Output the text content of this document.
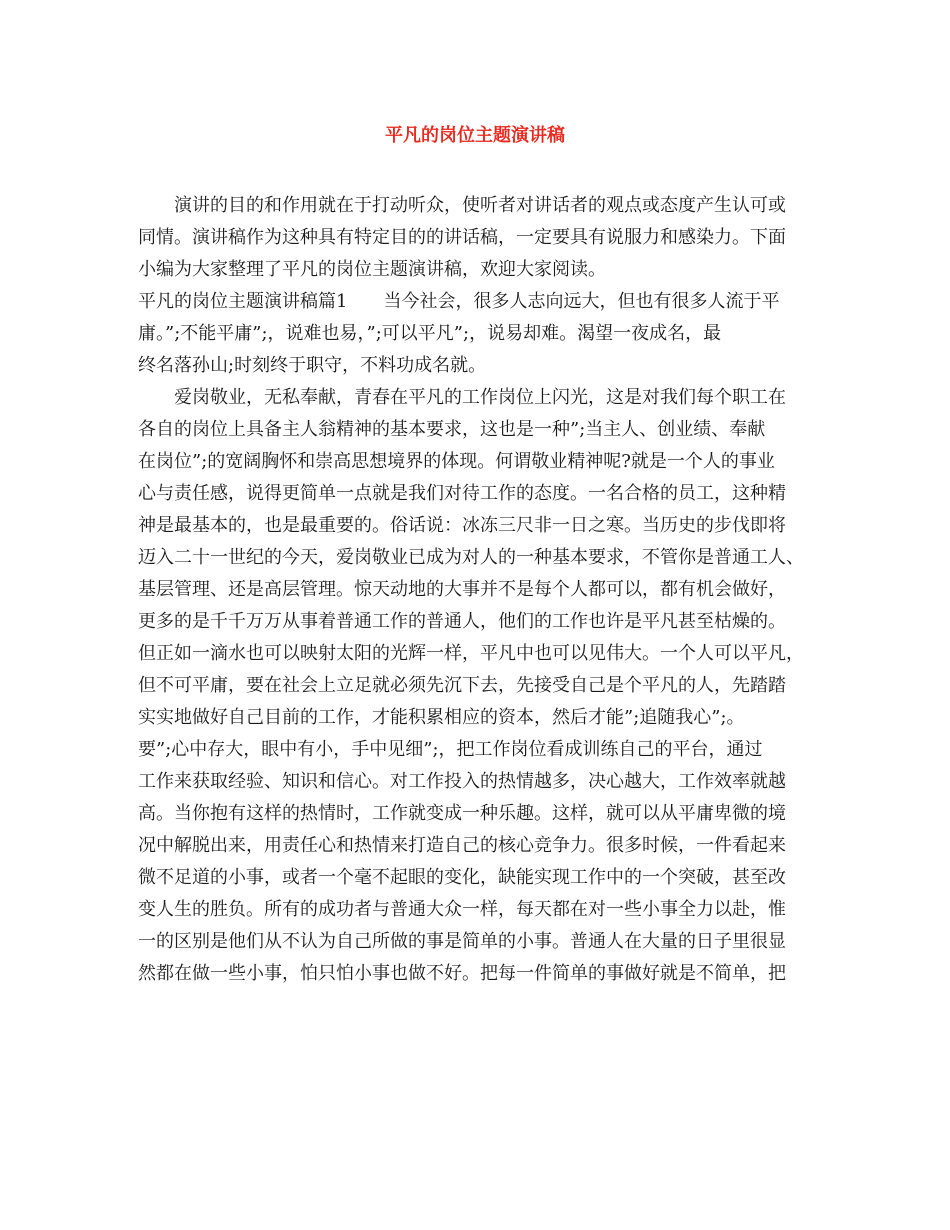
平凡的岗位主题演讲稿
演讲的目的和作用就在于打动听众，使听者对讲话者的观点或态度产生认可或
同情。演讲稿作为这种具有特定目的的讲话稿，一定要具有说服力和感染力。下面
小编为大家整理了平凡的岗位主题演讲稿，欢迎大家阅读。
平凡的岗位主题演讲稿篇1　　当今社会，很多人志向远大，但也有很多人流于平
庸。”;不能平庸”;，说难也易，”;可以平凡”;，说易却难。渴望一夜成名，最
终名落孙山;时刻终于职守，不料功成名就。
爱岗敬业，无私奉献，青春在平凡的工作岗位上闪光，这是对我们每个职工在
各自的岗位上具备主人翁精神的基本要求，这也是一种”;当主人、创业绩、奉献
在岗位”;的宽阔胸怀和崇高思想境界的体现。何谓敬业精神呢?就是一个人的事业
心与责任感，说得更简单一点就是我们对待工作的态度。一名合格的员工，这种精
神是最基本的，也是最重要的。俗话说：冰冻三尺非一日之寒。当历史的步伐即将
迈入二十一世纪的今天，爱岗敬业已成为对人的一种基本要求，不管你是普通工人、
基层管理、还是高层管理。惊天动地的大事并不是每个人都可以，都有机会做好，
更多的是千千万万从事着普通工作的普通人，他们的工作也许是平凡甚至枯燥的。
但正如一滴水也可以映射太阳的光辉一样，平凡中也可以见伟大。一个人可以平凡，
但不可平庸，要在社会上立足就必须先沉下去，先接受自己是个平凡的人，先踏踏
实实地做好自己目前的工作，才能积累相应的资本，然后才能”;追随我心”;。
要”;心中存大，眼中有小，手中见细”;，把工作岗位看成训练自己的平台，通过
工作来获取经验、知识和信心。对工作投入的热情越多，决心越大，工作效率就越
高。当你抱有这样的热情时，工作就变成一种乐趣。这样，就可以从平庸卑微的境
况中解脱出来，用责任心和热情来打造自己的核心竞争力。很多时候，一件看起来
微不足道的小事，或者一个毫不起眼的变化，缺能实现工作中的一个突破，甚至改
变人生的胜负。所有的成功者与普通大众一样，每天都在对一些小事全力以赴，惟
一的区别是他们从不认为自己所做的事是简单的小事。普通人在大量的日子里很显
然都在做一些小事，怕只怕小事也做不好。把每一件简单的事做好就是不简单，把
